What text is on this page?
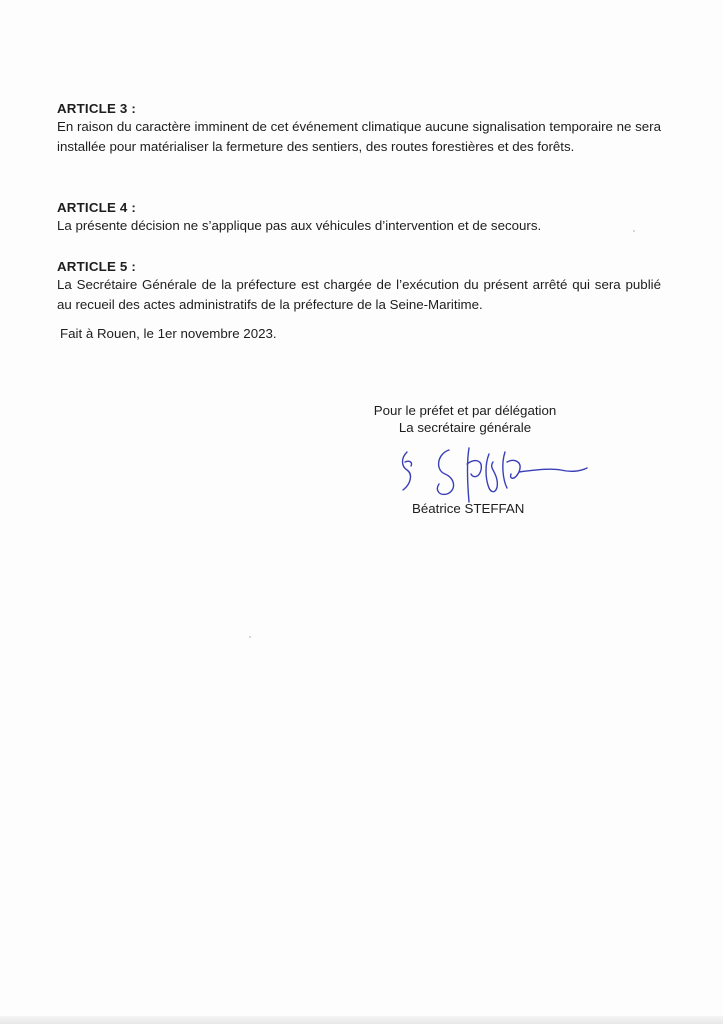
ARTICLE 3 :
En raison du caractère imminent de cet événement climatique aucune signalisation temporaire ne sera installée pour matérialiser la fermeture des sentiers, des routes forestières et des forêts.
ARTICLE 4 :
La présente décision ne s’applique pas aux véhicules d’intervention et de secours.
ARTICLE 5 :
La Secrétaire Générale de la préfecture est chargée de l’exécution du présent arrêté qui sera publié au recueil des actes administratifs de la préfecture de la Seine-Maritime.
Fait à Rouen, le 1er novembre 2023.
Pour le préfet et par délégation
La secrétaire générale
Béatrice STEFFAN
